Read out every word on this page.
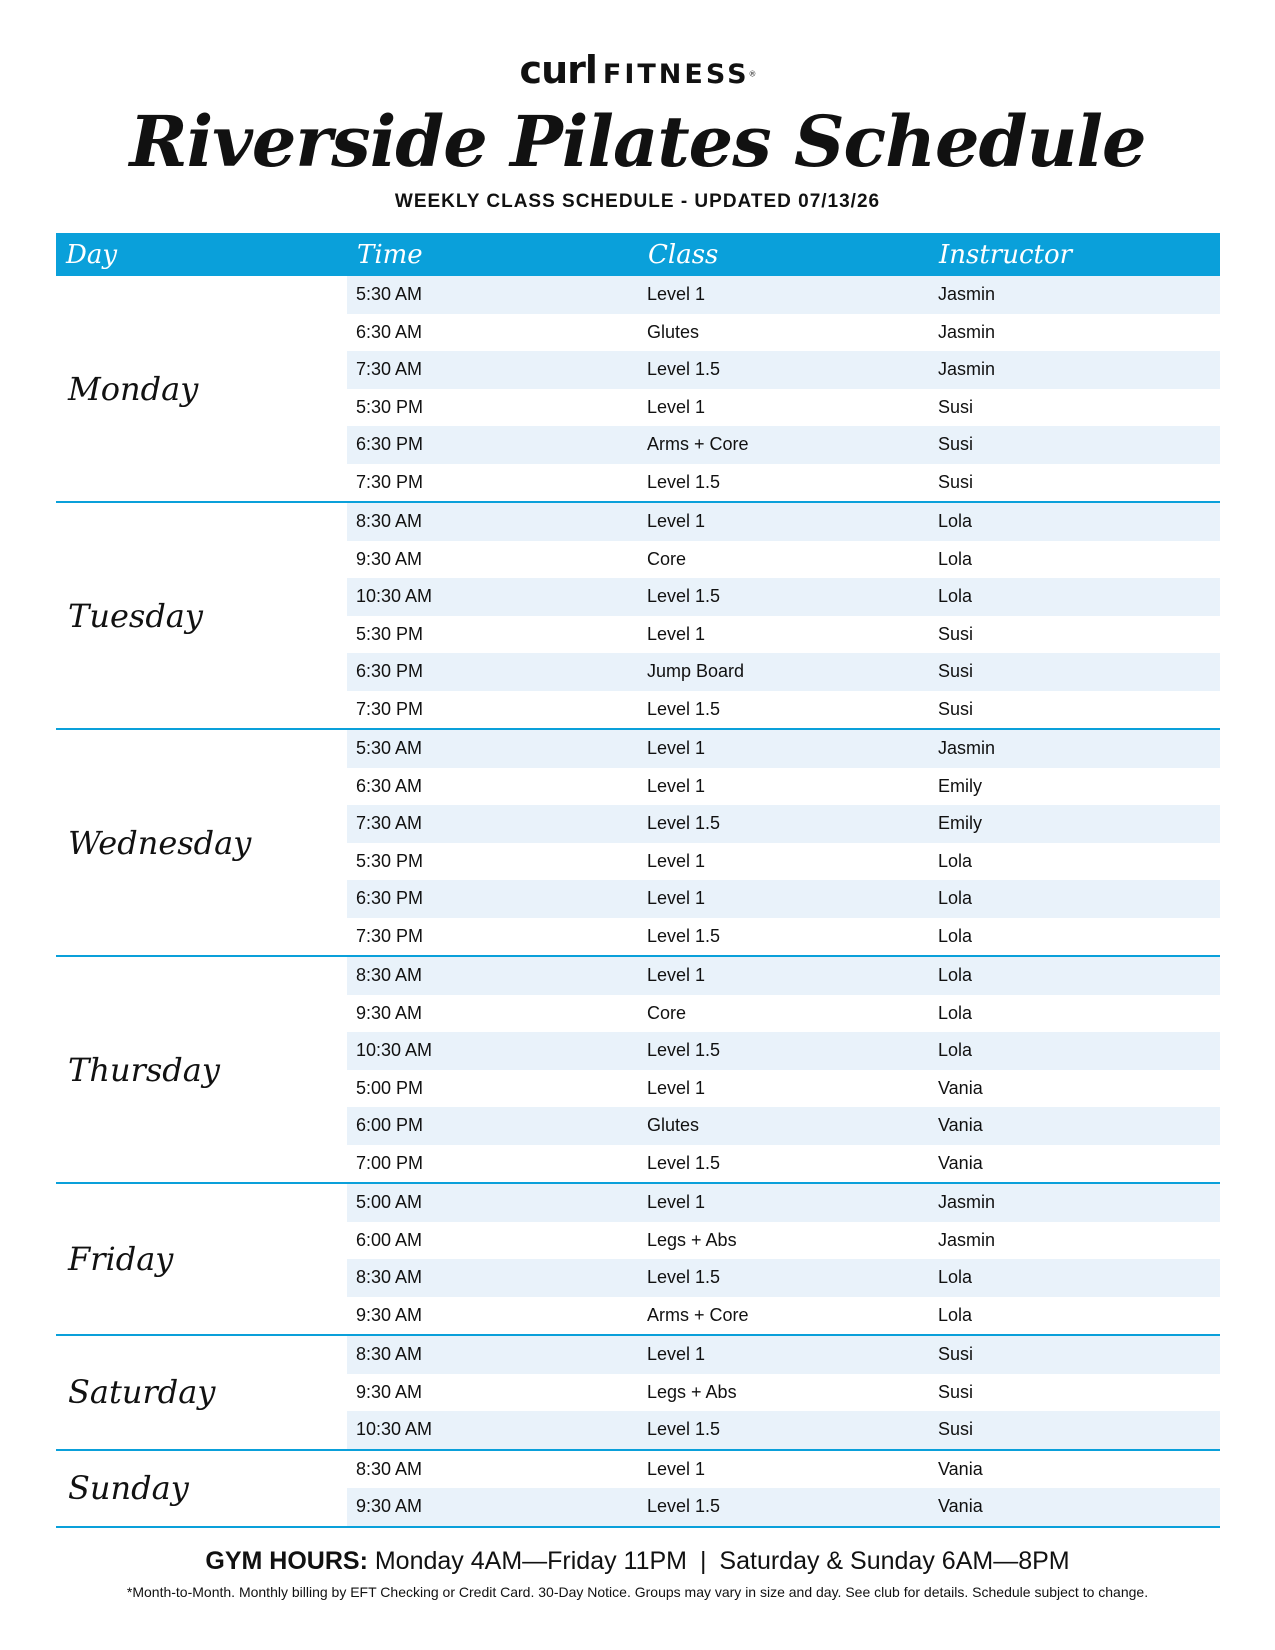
curl FITNESS®
Riverside Pilates Schedule
WEEKLY CLASS SCHEDULE - UPDATED 07/13/26
Day	Time	Class	Instructor
Monday
5:30 AM	Level 1	Jasmin
6:30 AM	Glutes	Jasmin
7:30 AM	Level 1.5	Jasmin
5:30 PM	Level 1	Susi
6:30 PM	Arms + Core	Susi
7:30 PM	Level 1.5	Susi
Tuesday
8:30 AM	Level 1	Lola
9:30 AM	Core	Lola
10:30 AM	Level 1.5	Lola
5:30 PM	Level 1	Susi
6:30 PM	Jump Board	Susi
7:30 PM	Level 1.5	Susi
Wednesday
5:30 AM	Level 1	Jasmin
6:30 AM	Level 1	Emily
7:30 AM	Level 1.5	Emily
5:30 PM	Level 1	Lola
6:30 PM	Level 1	Lola
7:30 PM	Level 1.5	Lola
Thursday
8:30 AM	Level 1	Lola
9:30 AM	Core	Lola
10:30 AM	Level 1.5	Lola
5:00 PM	Level 1	Vania
6:00 PM	Glutes	Vania
7:00 PM	Level 1.5	Vania
Friday
5:00 AM	Level 1	Jasmin
6:00 AM	Legs + Abs	Jasmin
8:30 AM	Level 1.5	Lola
9:30 AM	Arms + Core	Lola
Saturday
8:30 AM	Level 1	Susi
9:30 AM	Legs + Abs	Susi
10:30 AM	Level 1.5	Susi
Sunday
8:30 AM	Level 1	Vania
9:30 AM	Level 1.5	Vania
GYM HOURS: Monday 4AM—Friday 11PM | Saturday & Sunday 6AM—8PM
*Month-to-Month. Monthly billing by EFT Checking or Credit Card. 30-Day Notice. Groups may vary in size and day. See club for details. Schedule subject to change.
